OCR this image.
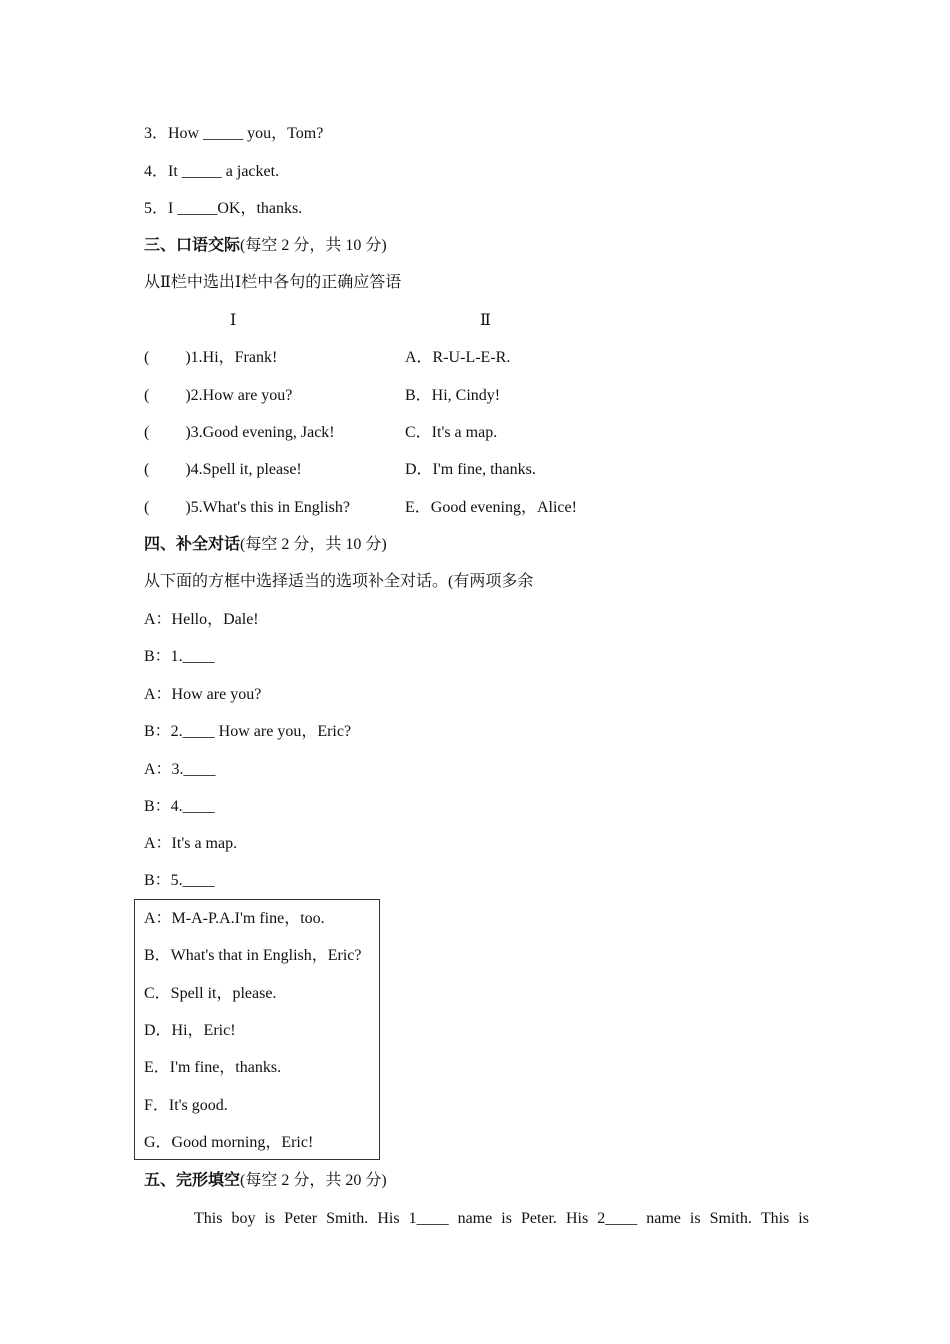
3．How _____ you，Tom?
4．It _____ a jacket.
5．I _____OK，thanks.
三、口语交际(每空 2 分，共 10 分)
从Ⅱ栏中选出Ⅰ栏中各句的正确应答语
Ⅰ	Ⅱ
(         )1.Hi，Frank!	A．R-U-L-E-R.
(         )2.How are you?	B．Hi, Cindy!
(         )3.Good evening, Jack!	C．It's a map.
(         )4.Spell it, please!	D．I'm fine, thanks.
(         )5.What's this in English?	E．Good evening，Alice!
四、补全对话(每空 2 分，共 10 分)
从下面的方框中选择适当的选项补全对话。(有两项多余
A：Hello，Dale!
B：1.____
A：How are you?
B：2.____ How are you，Eric?
A：3.____
B：4.____
A：It's a map.
B：5.____
A：M-A-P.A.I'm fine，too.
B．What's that in English，Eric?
C．Spell it，please.
D．Hi，Eric!
E．I'm fine，thanks.
F．It's good.
G．Good morning，Eric!
五、完形填空(每空 2 分，共 20 分)
This boy is Peter Smith. His 1____ name is Peter. His 2____ name is Smith. This is
